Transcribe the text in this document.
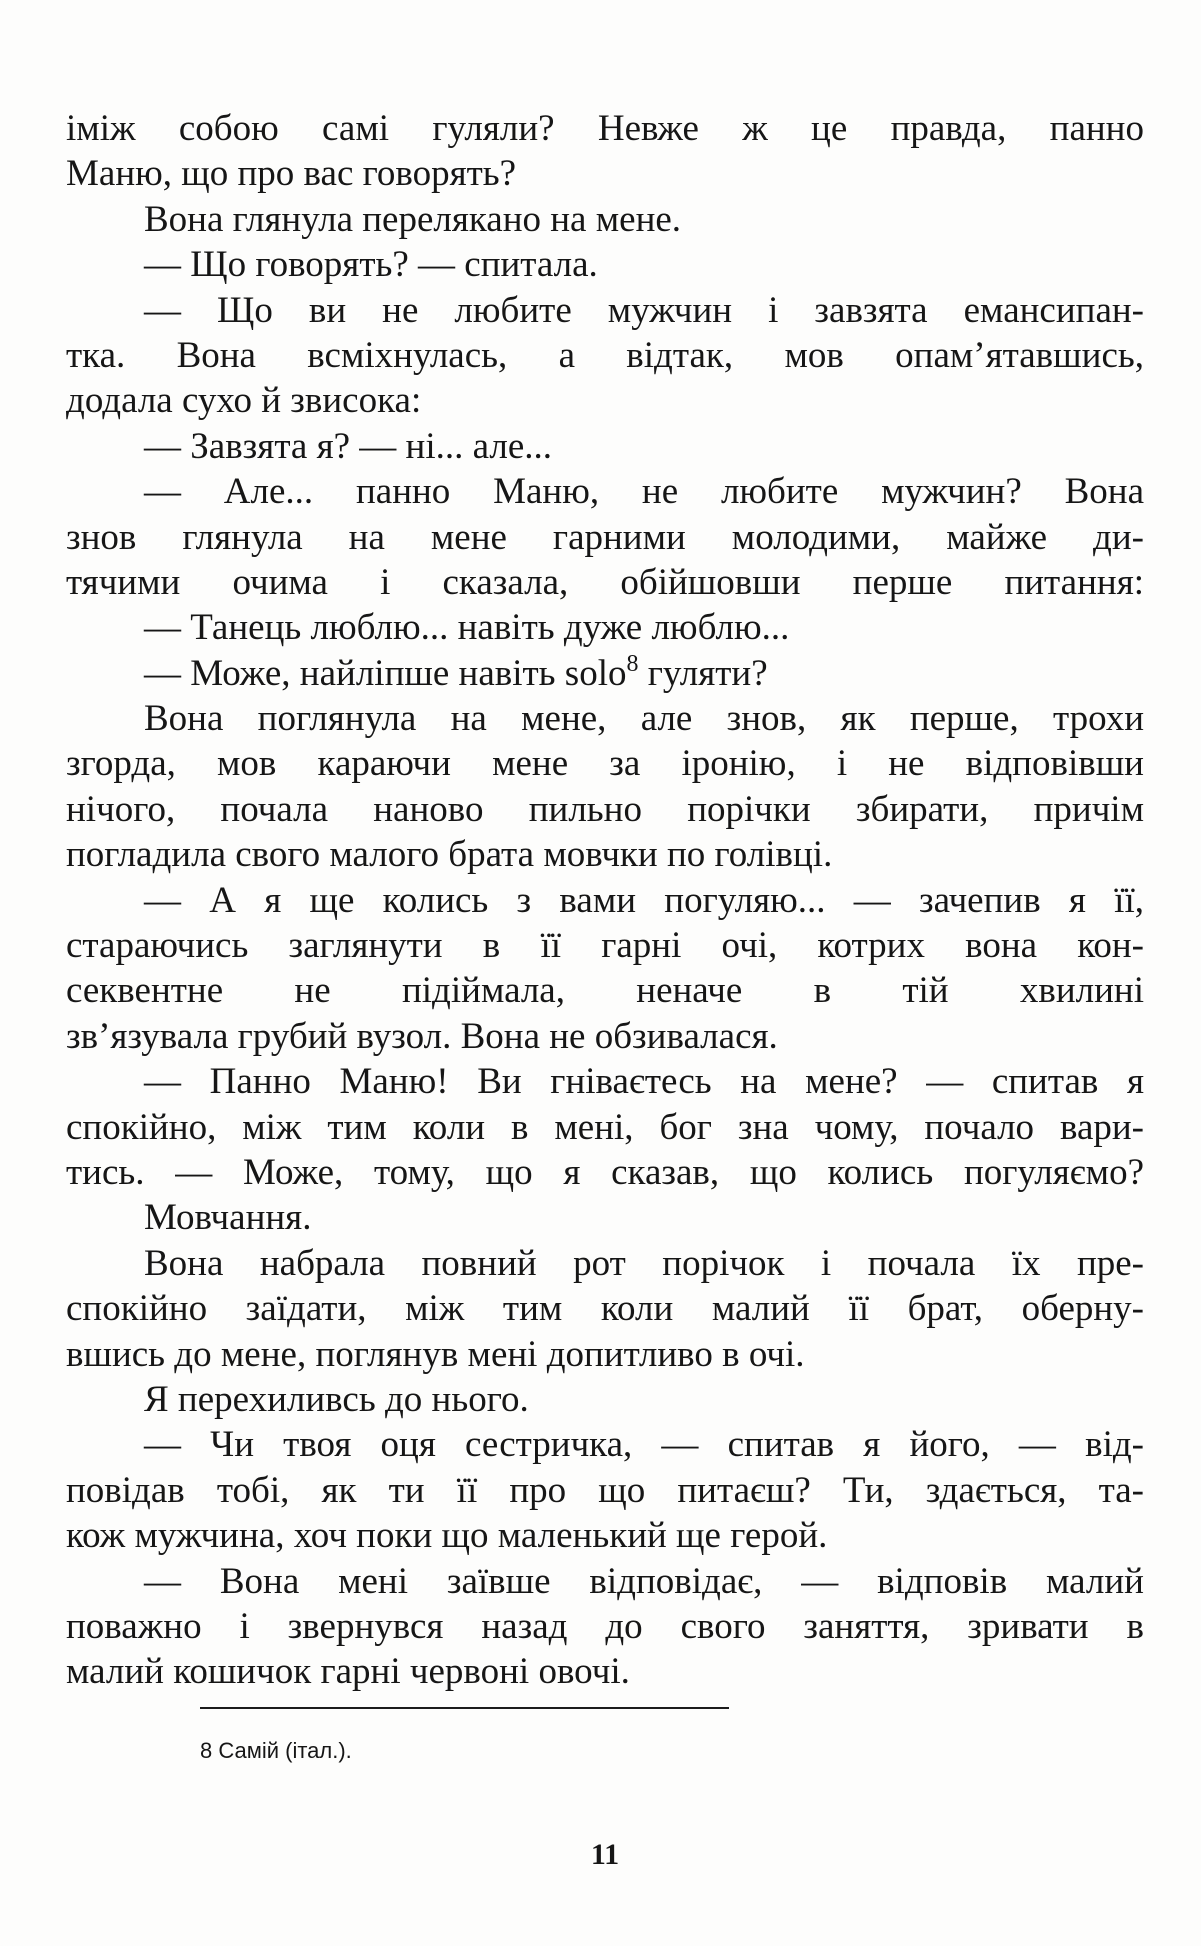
іміж собою самі гуляли? Невже ж це правда, панно
Маню, що про вас говорять?
Вона глянула перелякано на мене.
— Що говорять? — спитала.
— Що ви не любите мужчин і завзята емансипан-
тка. Вона всміхнулась, а відтак, мов опам’ятавшись,
додала сухо й звисока:
— Завзята я? — ні... але...
— Але... панно Маню, не любите мужчин? Вона
знов глянула на мене гарними молодими, майже ди-
тячими очима і сказала, обійшовши перше питання:
— Танець люблю... навіть дуже люблю...
— Може, найліпше навіть solo$^8$ гуляти?
Вона поглянула на мене, але знов, як перше, трохи
згорда, мов караючи мене за іронію, і не відповівши
нічого, почала наново пильно порічки збирати, причім
погладила свого малого брата мовчки по голівці.
— А я ще колись з вами погуляю... — зачепив я її,
стараючись заглянути в її гарні очі, котрих вона кон-
секвентне не підіймала, неначе в тій хвилині
зв’язувала грубий вузол. Вона не обзивалася.
— Панно Маню! Ви гніваєтесь на мене? — спитав я
спокійно, між тим коли в мені, бог зна чому, почало вари-
тись. — Може, тому, що я сказав, що колись погуляємо?
Мовчання.
Вона набрала повний рот порічок і почала їх пре-
спокійно заїдати, між тим коли малий її брат, оберну-
вшись до мене, поглянув мені допитливо в очі.
Я перехиливсь до нього.
— Чи твоя оця сестричка, — спитав я його, — від-
повідав тобі, як ти її про що питаєш? Ти, здається, та-
кож мужчина, хоч поки що маленький ще герой.
— Вона мені заївше відповідає, — відповів малий
поважно і звернувся назад до свого заняття, зривати в
малий кошичок гарні червоні овочі.
8 Самій (італ.).
11
